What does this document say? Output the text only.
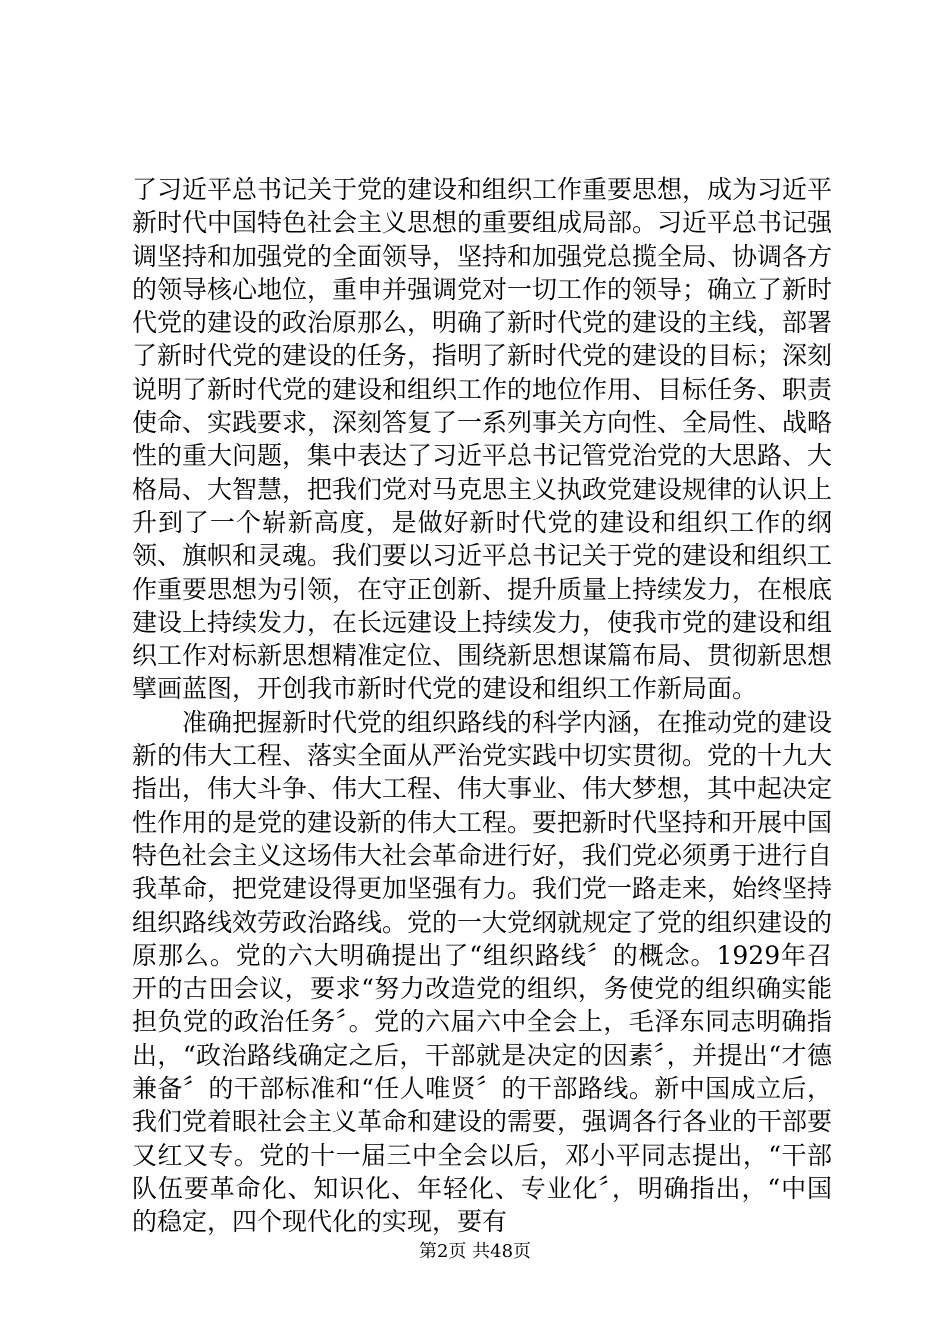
了习近平总书记关于党的建设和组织工作重要思想，成为习近平新时代中国特色社会主义思想的重要组成局部。习近平总书记强调坚持和加强党的全面领导，坚持和加强党总揽全局、协调各方的领导核心地位，重申并强调党对一切工作的领导；确立了新时代党的建设的政治原那么，明确了新时代党的建设的主线，部署了新时代党的建设的任务，指明了新时代党的建设的目标；深刻说明了新时代党的建设和组织工作的地位作用、目标任务、职责使命、实践要求，深刻答复了一系列事关方向性、全局性、战略性的重大问题，集中表达了习近平总书记管党治党的大思路、大格局、大智慧，把我们党对马克思主义执政党建设规律的认识上升到了一个崭新高度，是做好新时代党的建设和组织工作的纲领、旗帜和灵魂。我们要以习近平总书记关于党的建设和组织工作重要思想为引领，在守正创新、提升质量上持续发力，在根底建设上持续发力，在长远建设上持续发力，使我市党的建设和组织工作对标新思想精准定位、围绕新思想谋篇布局、贯彻新思想擘画蓝图，开创我市新时代党的建设和组织工作新局面。

准确把握新时代党的组织路线的科学内涵，在推动党的建设新的伟大工程、落实全面从严治党实践中切实贯彻。党的十九大指出，伟大斗争、伟大工程、伟大事业、伟大梦想，其中起决定性作用的是党的建设新的伟大工程。要把新时代坚持和开展中国特色社会主义这场伟大社会革命进行好，我们党必须勇于进行自我革命，把党建设得更加坚强有力。我们党一路走来，始终坚持组织路线效劳政治路线。党的一大党纲就规定了党的组织建设的原那么。党的六大明确提出了“组织路线〞的概念。1929年召开的古田会议，要求“努力改造党的组织，务使党的组织确实能担负党的政治任务〞。党的六届六中全会上，毛泽东同志明确指出，“政治路线确定之后，干部就是决定的因素〞，并提出“才德兼备〞的干部标准和“任人唯贤〞的干部路线。新中国成立后，我们党着眼社会主义革命和建设的需要，强调各行各业的干部要又红又专。党的十一届三中全会以后，邓小平同志提出，“干部队伍要革命化、知识化、年轻化、专业化〞，明确指出，“中国的稳定，四个现代化的实现，要有

第2页 共48页
